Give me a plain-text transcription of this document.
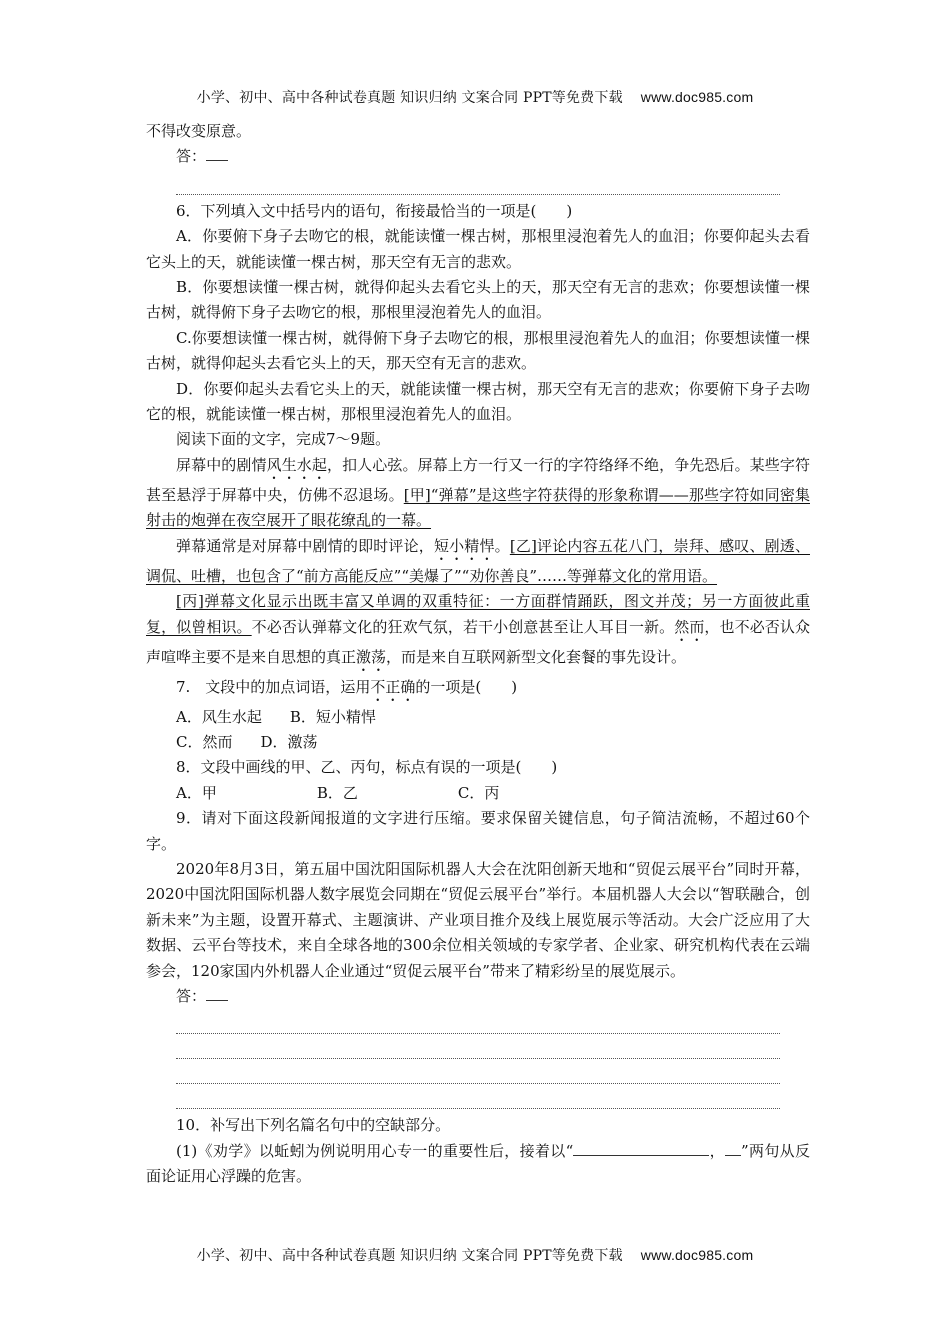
小学、初中、高中各种试卷真题 知识归纳 文案合同 PPT等免费下载 www.doc985.com

不得改变原意。

答：

6．下列填入文中括号内的语句，衔接最恰当的一项是(　　)

A．你要俯下身子去吻它的根，就能读懂一棵古树，那根里浸泡着先人的血泪；你要仰起头去看它头上的天，就能读懂一棵古树，那天空有无言的悲欢。

B．你要想读懂一棵古树，就得仰起头去看它头上的天，那天空有无言的悲欢；你要想读懂一棵古树，就得俯下身子去吻它的根，那根里浸泡着先人的血泪。

C.你要想读懂一棵古树，就得俯下身子去吻它的根，那根里浸泡着先人的血泪；你要想读懂一棵古树，就得仰起头去看它头上的天，那天空有无言的悲欢。

D．你要仰起头去看它头上的天，就能读懂一棵古树，那天空有无言的悲欢；你要俯下身子去吻它的根，就能读懂一棵古树，那根里浸泡着先人的血泪。

阅读下面的文字，完成7～9题。

屏幕中的剧情风生水起，扣人心弦。屏幕上方一行又一行的字符络绎不绝，争先恐后。某些字符甚至悬浮于屏幕中央，仿佛不忍退场。[甲]“弹幕”是这些字符获得的形象称谓——那些字符如同密集射击的炮弹在夜空展开了眼花缭乱的一幕。

弹幕通常是对屏幕中剧情的即时评论，短小精悍。[乙]评论内容五花八门，崇拜、感叹、剧透、调侃、吐槽，也包含了“前方高能反应”“美爆了”“劝你善良”……等弹幕文化的常用语。

[丙]弹幕文化显示出既丰富又单调的双重特征：一方面群情踊跃，图文并茂；另一方面彼此重复，似曾相识。不必否认弹幕文化的狂欢气氛，若干小创意甚至让人耳目一新。然而，也不必否认众声喧哗主要不是来自思想的真正激荡，而是来自互联网新型文化套餐的事先设计。

7.　文段中的加点词语，运用不正确的一项是(　　)

A．风生水起 B．短小精悍

C．然而 D．激荡

8．文段中画线的甲、乙、丙句，标点有误的一项是(　　)

A．甲	B．乙	C．丙

9．请对下面这段新闻报道的文字进行压缩。要求保留关键信息，句子简洁流畅，不超过60个字。

2020年8月3日，第五届中国沈阳国际机器人大会在沈阳创新天地和“贸促云展平台”同时开幕，2020中国沈阳国际机器人数字展览会同期在“贸促云展平台”举行。本届机器人大会以“智联融合，创新未来”为主题，设置开幕式、主题演讲、产业项目推介及线上展览展示等活动。大会广泛应用了大数据、云平台等技术，来自全球各地的300余位相关领域的专家学者、企业家、研究机构代表在云端参会，120家国内外机器人企业通过“贸促云展平台”带来了精彩纷呈的展览展示。

答：

10．补写出下列名篇名句中的空缺部分。

(1)《劝学》以蚯蚓为例说明用心专一的重要性后，接着以“	， ”两句从反面论证用心浮躁的危害。

小学、初中、高中各种试卷真题 知识归纳 文案合同 PPT等免费下载 www.doc985.com
